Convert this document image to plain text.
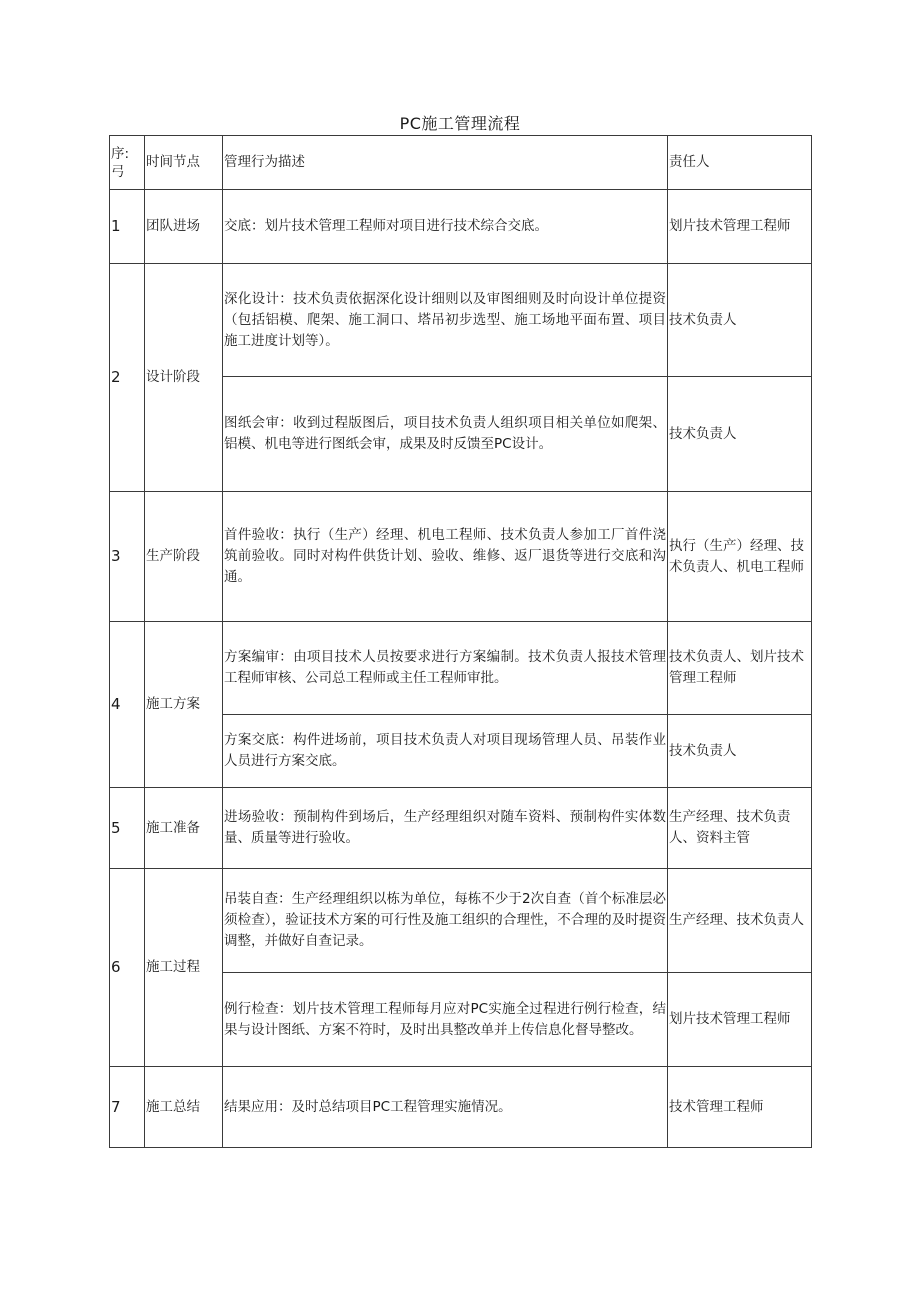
PC施工管理流程
序:
弓	时间节点	管理行为描述	责任人
1	团队进场	交底：划片技术管理工程师对项目进行技术综合交底。	划片技术管理工程师
2	设计阶段	深化设计：技术负责依据深化设计细则以及审图细则及时向设计单位提资（包括铝模、爬架、施工洞口、塔吊初步选型、施工场地平面布置、项目施工进度计划等）。	技术负责人
		图纸会审：收到过程版图后，项目技术负责人组织项目相关单位如爬架、铝模、机电等进行图纸会审，成果及时反馈至PC设计。	技术负责人
3	生产阶段	首件验收：执行（生产）经理、机电工程师、技术负责人参加工厂首件浇筑前验收。同时对构件供货计划、验收、维修、返厂退货等进行交底和沟通。	执行（生产）经理、技术负责人、机电工程师
4	施工方案	方案编审：由项目技术人员按要求进行方案编制。技术负责人报技术管理工程师审核、公司总工程师或主任工程师审批。	技术负责人、划片技术管理工程师
		方案交底：构件进场前，项目技术负责人对项目现场管理人员、吊装作业人员进行方案交底。	技术负责人
5	施工准备	进场验收：预制构件到场后，生产经理组织对随车资料、预制构件实体数量、质量等进行验收。	生产经理、技术负责人、资料主管
6	施工过程	吊装自查：生产经理组织以栋为单位，每栋不少于2次自查（首个标准层必须检查），验证技术方案的可行性及施工组织的合理性，不合理的及时提资调整，并做好自查记录。	生产经理、技术负责人
		例行检查：划片技术管理工程师每月应对PC实施全过程进行例行检查，结果与设计图纸、方案不符时，及时出具整改单并上传信息化督导整改。	划片技术管理工程师
7	施工总结	结果应用：及时总结项目PC工程管理实施情况。	技术管理工程师
